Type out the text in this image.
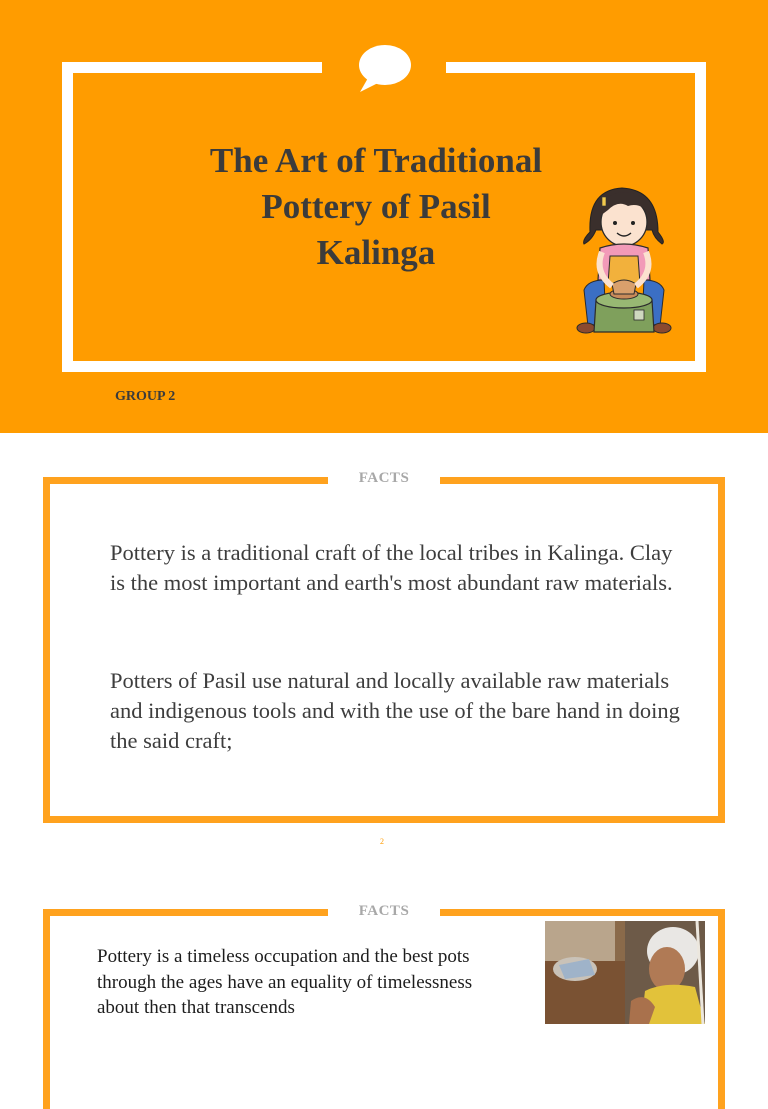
The Art of Traditional
Pottery of Pasil
Kalinga
GROUP 2
FACTS
Pottery is a traditional craft of the local tribes in Kalinga. Clay is the most important and earth's most abundant raw materials.
Potters of Pasil use natural and locally available raw materials and indigenous tools and with the use of the bare hand in doing the said craft;
2
FACTS
Pottery is a timeless occupation and the best pots through the ages have an equality of timelessness about then that transcends
